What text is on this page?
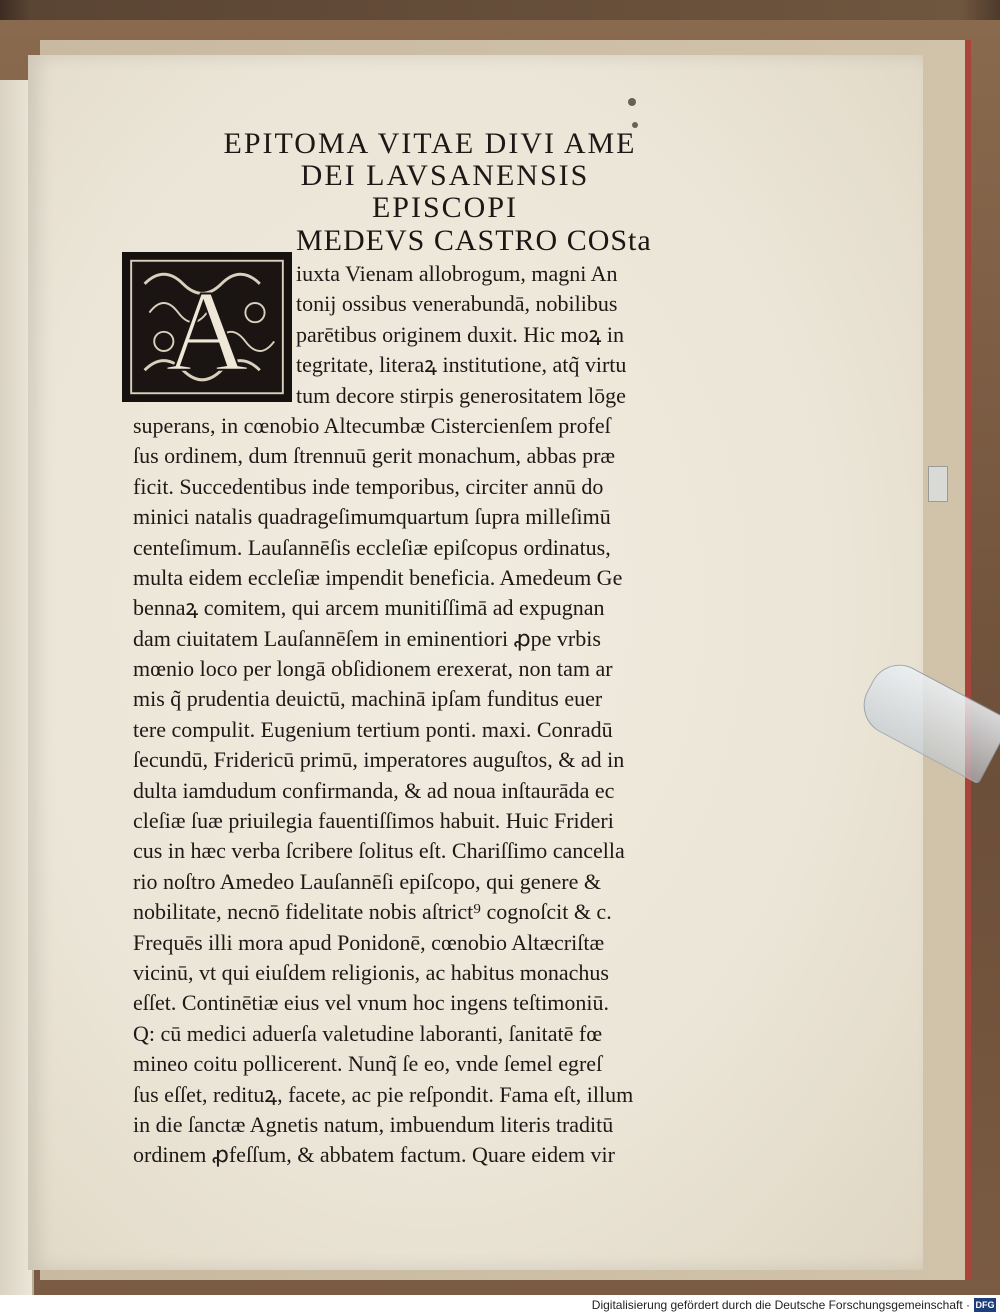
EPITOMA VITAE DIVI AME
DEI LAVSANENSIS
EPISCOPI
MEDEVS CASTRO COSta
A	iuxta Vienam allobrogum, magni An
tonij ossibus venerabundā, nobilibus
parētibus originem duxit. Hic moꝝ in
tegritate, literaꝝ institutione, atq̃ virtu
tum decore stirpis generositatem lōge
superans, in cœnobio Altecumbæ Cistercienſem profeſ
ſus ordinem, dum ſtrennuū gerit monachum, abbas præ
ficit. Succedentibus inde temporibus, circiter annū do
minici natalis quadrageſimumquartum ſupra milleſimū
centeſimum. Lauſannēſis eccleſiæ epiſcopus ordinatus,
multa eidem eccleſiæ impendit beneficia. Amedeum Ge
bennaꝝ comitem, qui arcem munitiſſimā ad expugnan
dam ciuitatem Lauſannēſem in eminentiori ꝓpe vrbis
mœnio loco per longā obſidionem erexerat, non tam ar
mis q̃ prudentia deuictū, machinā ipſam funditus euer
tere compulit. Eugenium tertium ponti. maxi. Conradū
ſecundū, Fridericū primū, imperatores auguſtos, & ad in
dulta iamdudum confirmanda, & ad noua inſtaurāda ec
cleſiæ ſuæ priuilegia fauentiſſimos habuit. Huic Frideri
cus in hæc verba ſcribere ſolitus eſt. Chariſſimo cancella
rio noſtro Amedeo Lauſannēſi epiſcopo, qui genere &
nobilitate, necnō fidelitate nobis aſtrict⁹ cognoſcit & c.
Frequēs illi mora apud Ponidonē, cœnobio Altæcriſtæ
vicinū, vt qui eiuſdem religionis, ac habitus monachus
eſſet. Continētiæ eius vel vnum hoc ingens teſtimoniū.
Q: cū medici aduerſa valetudine laboranti, ſanitatē fœ
mineo coitu pollicerent. Nunq̃ ſe eo, vnde ſemel egreſ
ſus eſſet, redituꝝ, facete, ac pie reſpondit. Fama eſt, illum
in die ſanctæ Agnetis natum, imbuendum literis traditū
ordinem ꝓfeſſum, & abbatem factum. Quare eidem vir
Digitalisierung gefördert durch die Deutsche Forschungsgemeinschaft · DFG
